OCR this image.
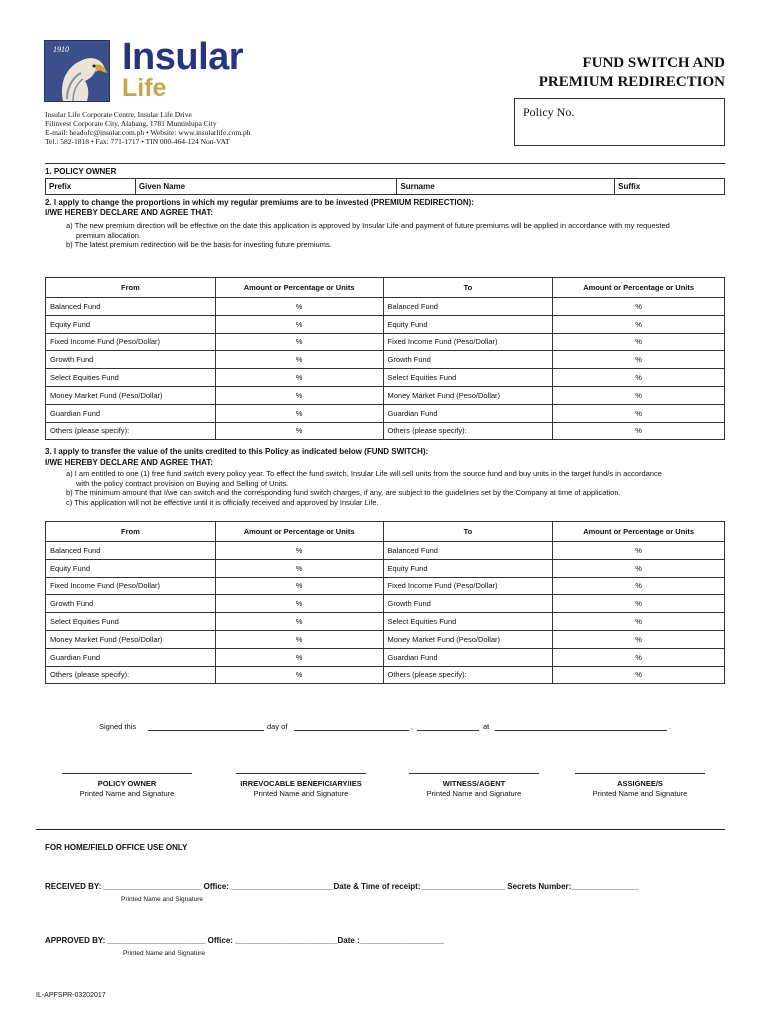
1910 Insular
Life
Insular Life Corporate Centre, Insular Life Drive
Filinvest Corporate City, Alabang, 1781 Muntinlupa City
E-mail: headofc@insular.com.ph • Website: www.insularlife.com.ph
Tel.: 582-1818 • Fax: 771-1717 • TIN 000-464-124 Non-VAT
FUND SWITCH AND
PREMIUM REDIRECTION
Policy No.
1. POLICY OWNER
Prefix	Given Name	Surname	Suffix
2. I apply to change the proportions in which my regular premiums are to be invested (PREMIUM REDIRECTION):
I/WE HEREBY DECLARE AND AGREE THAT:
a) The new premium direction will be effective on the date this application is approved by Insular Life and payment of future premiums will be applied in accordance with my requested
premium allocation.
b) The latest premium redirection will be the basis for investing future premiums.
From	Amount or Percentage or Units	To	Amount or Percentage or Units
Balanced Fund	%	Balanced Fund	%
Equity Fund	%	Equity Fund	%
Fixed Income Fund (Peso/Dollar)	%	Fixed Income Fund (Peso/Dollar)	%
Growth Fund	%	Growth Fund	%
Select Equities Fund	%	Select Equities Fund	%
Money Market Fund (Peso/Dollar)	%	Money Market Fund (Peso/Dollar)	%
Guardian Fund	%	Guardian Fund	%
Others (please specify):	%	Others (please specify):	%
3. I apply to transfer the value of the units credited to this Policy as indicated below (FUND SWITCH):
I/WE HEREBY DECLARE AND AGREE THAT:
a) I am entitled to one (1) free fund switch every policy year. To effect the fund switch, Insular Life will sell units from the source fund and buy units in the target fund/s in accordance
with the policy contract provision on Buying and Selling of Units.
b) The minimum amount that I/we can switch and the corresponding fund switch charges, if any, are subject to the guidelines set by the Company at time of application.
c) This application will not be effective until it is officially received and approved by Insular Life.
From	Amount or Percentage or Units	To	Amount or Percentage or Units
Balanced Fund	%	Balanced Fund	%
Equity Fund	%	Equity Fund	%
Fixed Income Fund (Peso/Dollar)	%	Fixed Income Fund (Peso/Dollar)	%
Growth Fund	%	Growth Fund	%
Select Equities Fund	%	Select Equities Fund	%
Money Market Fund (Peso/Dollar)	%	Money Market Fund (Peso/Dollar)	%
Guardian Fund	%	Guardian Fund	%
Others (please specify):	%	Others (please specify):	%
Signed this	day of	,	at	.
POLICY OWNER
Printed Name and Signature
IRREVOCABLE BENEFICIARY/IES
Printed Name and Signature
WITNESS/AGENT
Printed Name and Signature
ASSIGNEE/S
Printed Name and Signature
FOR HOME/FIELD OFFICE USE ONLY
RECEIVED BY: ______________________ Office: _______________________Date & Time of receipt:___________________ Secrets Number:_______________
Printed Name and Signature
APPROVED BY: ______________________ Office: _______________________Date :___________________
Printed Name and Signature
IL-APFSPR-03202017
